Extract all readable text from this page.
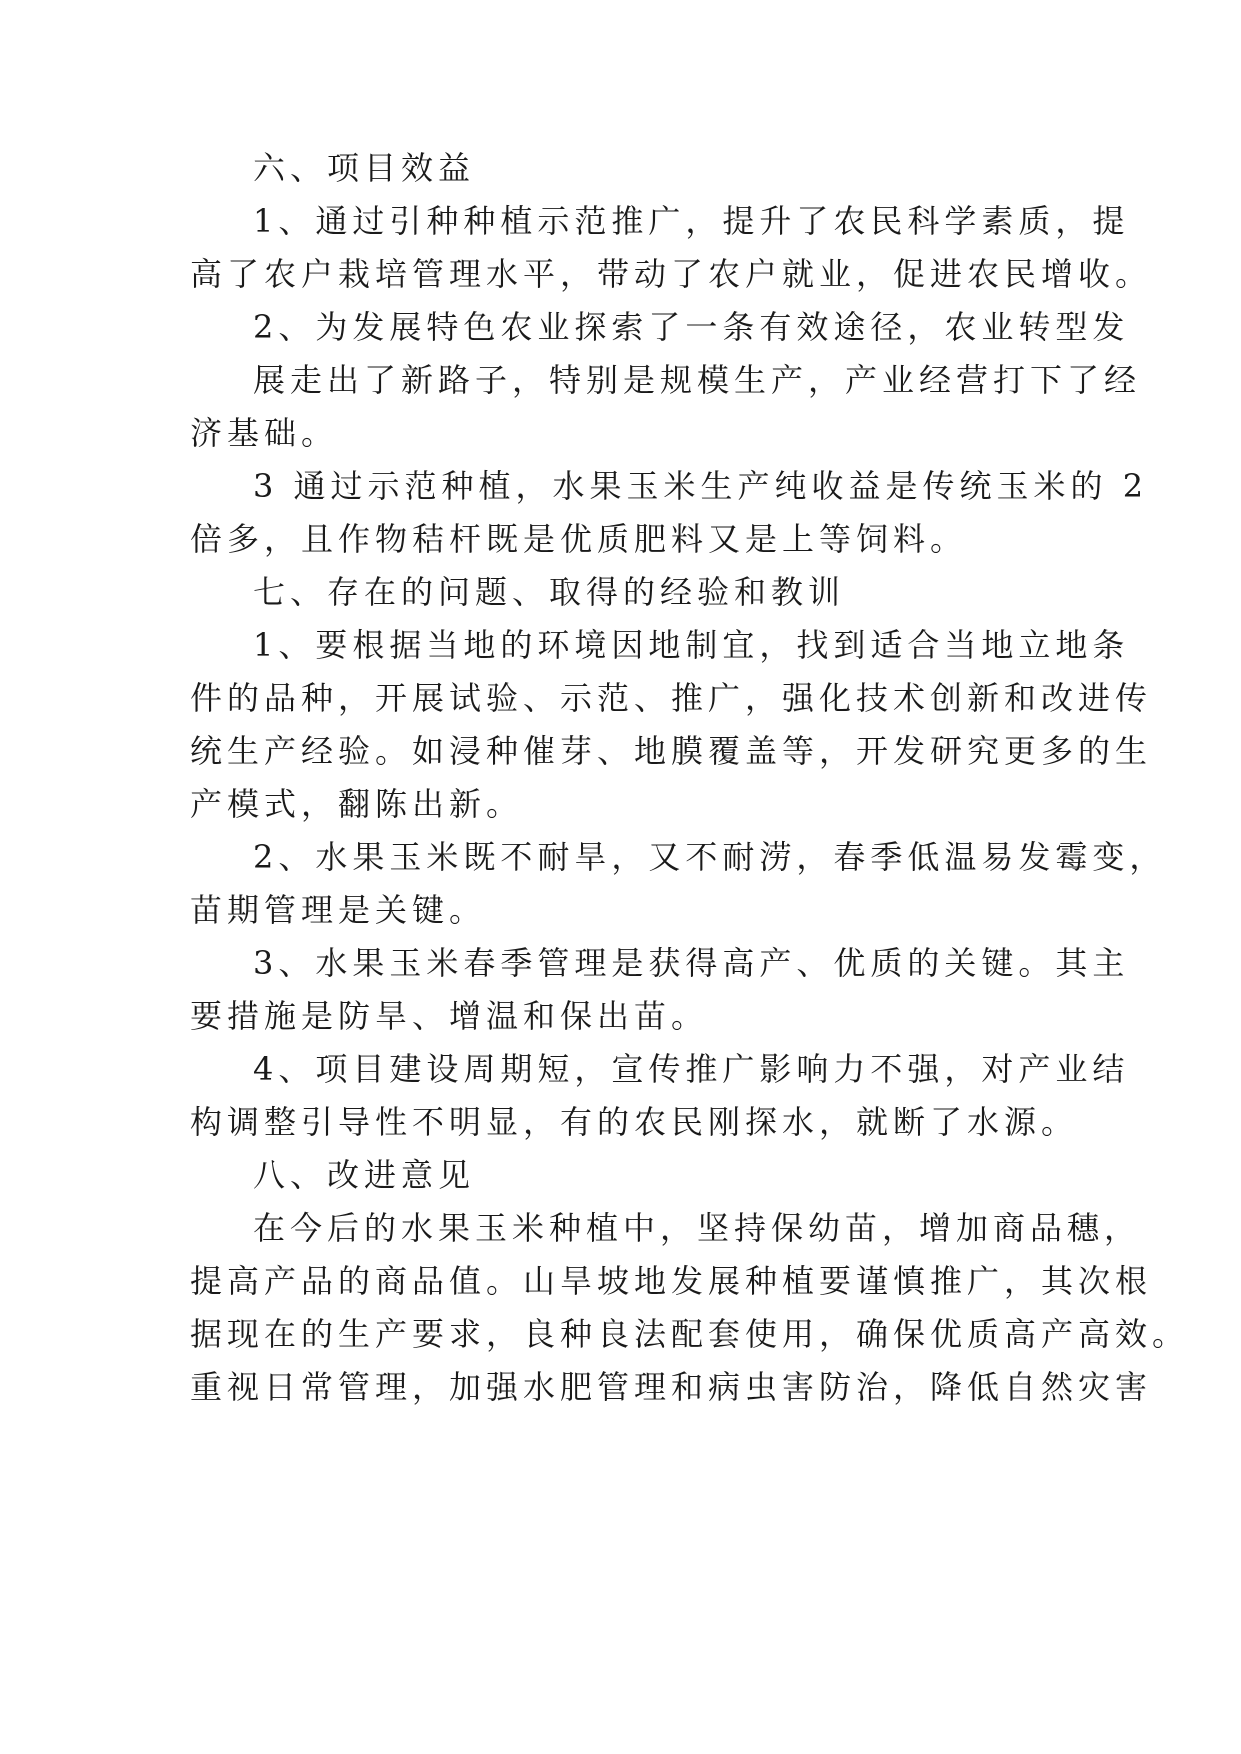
六、项目效益
1、通过引种种植示范推广，提升了农民科学素质，提
高了农户栽培管理水平，带动了农户就业，促进农民增收。
2、为发展特色农业探索了一条有效途径，农业转型发
展走出了新路子，特别是规模生产，产业经营打下了经
济基础。
3 通过示范种植，水果玉米生产纯收益是传统玉米的 2
倍多，且作物秸杆既是优质肥料又是上等饲料。
七、存在的问题、取得的经验和教训
1、要根据当地的环境因地制宜，找到适合当地立地条
件的品种，开展试验、示范、推广，强化技术创新和改进传
统生产经验。如浸种催芽、地膜覆盖等，开发研究更多的生
产模式，翻陈出新。
2、水果玉米既不耐旱，又不耐涝，春季低温易发霉变，
苗期管理是关键。
3、水果玉米春季管理是获得高产、优质的关键。其主
要措施是防旱、增温和保出苗。
4、项目建设周期短，宣传推广影响力不强，对产业结
构调整引导性不明显，有的农民刚探水，就断了水源。
八、改进意见
在今后的水果玉米种植中，坚持保幼苗，增加商品穗，
提高产品的商品值。山旱坡地发展种植要谨慎推广，其次根
据现在的生产要求，良种良法配套使用，确保优质高产高效。
重视日常管理，加强水肥管理和病虫害防治，降低自然灾害
